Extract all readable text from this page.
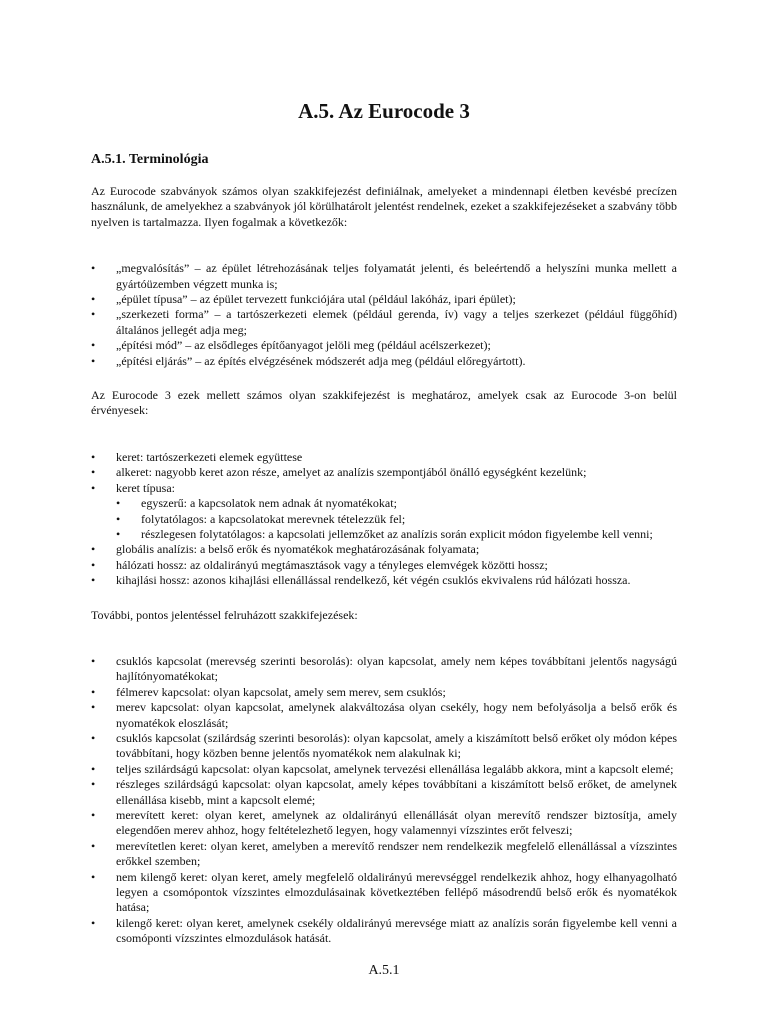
A.5. Az Eurocode 3
A.5.1. Terminológia

Az Eurocode szabványok számos olyan szakkifejezést definiálnak, amelyeket a mindennapi életben kevésbé precízen használunk, de amelyekhez a szabványok jól körülhatárolt jelentést rendelnek, ezeket a szakkifejezéseket a szabvány több nyelven is tartalmazza. Ilyen fogalmak a következők:

• „megvalósítás” – az épület létrehozásának teljes folyamatát jelenti, és beleértendő a helyszíni munka mellett a gyártóüzemben végzett munka is;
• „épület típusa” – az épület tervezett funkciójára utal (például lakóház, ipari épület);
• „szerkezeti forma” – a tartószerkezeti elemek (például gerenda, ív) vagy a teljes szerkezet (például függőhíd) általános jellegét adja meg;
• „építési mód” – az elsődleges építőanyagot jelöli meg (például acélszerkezet);
• „építési eljárás” – az építés elvégzésének módszerét adja meg (például előregyártott).

Az Eurocode 3 ezek mellett számos olyan szakkifejezést is meghatároz, amelyek csak az Eurocode 3-on belül érvényesek:

• keret: tartószerkezeti elemek együttese
• alkeret: nagyobb keret azon része, amelyet az analízis szempontjából önálló egységként kezelünk;
• keret típusa:
• egyszerű: a kapcsolatok nem adnak át nyomatékokat;
• folytatólagos: a kapcsolatokat merevnek tételezzük fel;
• részlegesen folytatólagos: a kapcsolati jellemzőket az analízis során explicit módon figyelembe kell venni;
• globális analízis: a belső erők és nyomatékok meghatározásának folyamata;
• hálózati hossz: az oldalirányú megtámasztások vagy a tényleges elemvégek közötti hossz;
• kihajlási hossz: azonos kihajlási ellenállással rendelkező, két végén csuklós ekvivalens rúd hálózati hossza.

További, pontos jelentéssel felruházott szakkifejezések:

• csuklós kapcsolat (merevség szerinti besorolás): olyan kapcsolat, amely nem képes továbbítani jelentős nagyságú hajlítónyomatékokat;
• félmerev kapcsolat: olyan kapcsolat, amely sem merev, sem csuklós;
• merev kapcsolat: olyan kapcsolat, amelynek alakváltozása olyan csekély, hogy nem befolyásolja a belső erők és nyomatékok eloszlását;
• csuklós kapcsolat (szilárdság szerinti besorolás): olyan kapcsolat, amely a kiszámított belső erőket oly módon képes továbbítani, hogy közben benne jelentős nyomatékok nem alakulnak ki;
• teljes szilárdságú kapcsolat: olyan kapcsolat, amelynek tervezési ellenállása legalább akkora, mint a kapcsolt elemé;
• részleges szilárdságú kapcsolat: olyan kapcsolat, amely képes továbbítani a kiszámított belső erőket, de amelynek ellenállása kisebb, mint a kapcsolt elemé;
• merevített keret: olyan keret, amelynek az oldalirányú ellenállását olyan merevítő rendszer biztosítja, amely elegendően merev ahhoz, hogy feltételezhető legyen, hogy valamennyi vízszintes erőt felveszi;
• merevítetlen keret: olyan keret, amelyben a merevítő rendszer nem rendelkezik megfelelő ellenállással a vízszintes erőkkel szemben;
• nem kilengő keret: olyan keret, amely megfelelő oldalirányú merevséggel rendelkezik ahhoz, hogy elhanyagolható legyen a csomópontok vízszintes elmozdulásainak következtében fellépő másodrendű belső erők és nyomatékok hatása;
• kilengő keret: olyan keret, amelynek csekély oldalirányú merevsége miatt az analízis során figyelembe kell venni a csomóponti vízszintes elmozdulások hatását.
A.5.1
